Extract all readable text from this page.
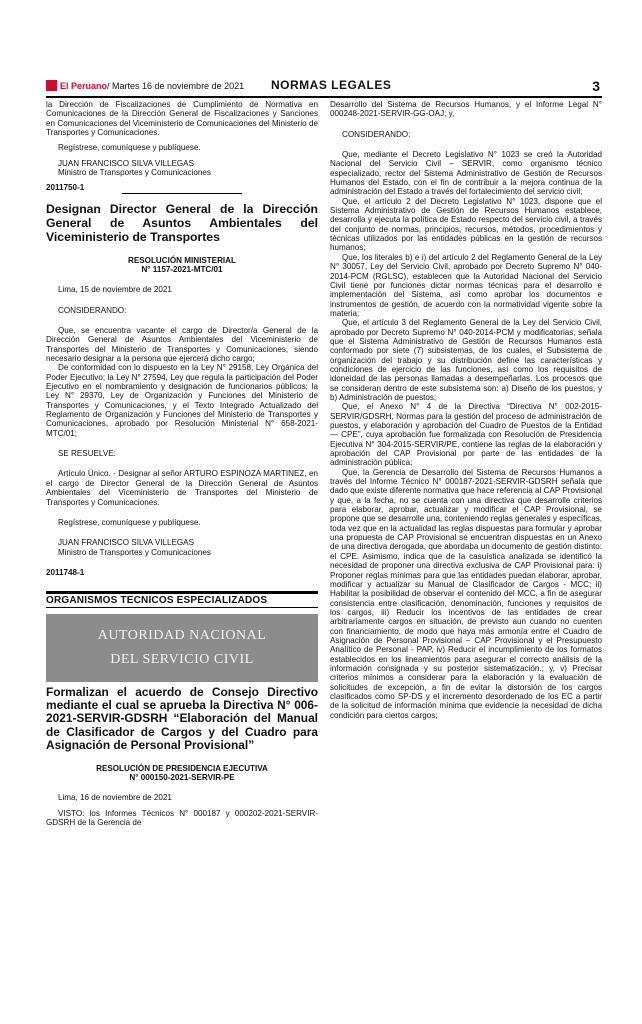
El Peruano/ Martes 16 de noviembre de 2021 NORMAS LEGALES	3

la Dirección de Fiscalizaciones de Cumplimiento de Normativa en Comunicaciones de la Dirección General de Fiscalizaciones y Sanciones en Comunicaciones del Viceministerio de Comunicaciones del Ministerio de Transportes y Comunicaciones.

Regístrese, comuníquese y publíquese.

JUAN FRANCISCO SILVA VILLEGAS

Ministro de Transportes y Comunicaciones

2011750-1

Designan Director General de la Dirección General de Asuntos Ambientales del Viceministerio de Transportes

RESOLUCIÓN MINISTERIAL

N° 1157-2021-MTC/01

Lima, 15 de noviembre de 2021

CONSIDERANDO:

Que, se encuentra vacante el cargo de Director/a General de la Dirección General de Asuntos Ambientales del Viceministerio de Transportes del Ministerio de Transportes y Comunicaciones, siendo necesario designar a la persona que ejercerá dicho cargo;

De conformidad con lo dispuesto en la Ley N° 29158, Ley Orgánica del Poder Ejecutivo; la Ley N° 27594, Ley que regula la participación del Poder Ejecutivo en el nombramiento y designación de funcionarios públicos; la Ley N° 29370, Ley de Organización y Funciones del Ministerio de Transportes y Comunicaciones, y el Texto Integrado Actualizado del Reglamento de Organización y Funciones del Ministerio de Transportes y Comunicaciones, aprobado por Resolución Ministerial N° 658-2021-MTC/01;

SE RESUELVE:

Artículo Único. - Designar al señor ARTURO ESPINOZA MARTINEZ, en el cargo de Director General de la Dirección General de Asuntos Ambientales del Viceministerio de Transportes del Ministerio de Transportes y Comunicaciones.

Regístrese, comuníquese y publíquese.

JUAN FRANCISCO SILVA VILLEGAS

Ministro de Transportes y Comunicaciones

2011748-1

ORGANISMOS TECNICOS ESPECIALIZADOS
AUTORIDAD NACIONAL
DEL SERVICIO CIVIL

Formalizan el acuerdo de Consejo Directivo mediante el cual se aprueba la Directiva N° 006-2021-SERVIR-GDSRH “Elaboración del Manual de Clasificador de Cargos y del Cuadro para Asignación de Personal Provisional”

RESOLUCIÓN DE PRESIDENCIA EJECUTIVA

N° 000150-2021-SERVIR-PE

Lima, 16 de noviembre de 2021

VISTO: los Informes Técnicos N° 000187 y 000202-2021-SERVIR-GDSRH de la Gerencia de

Desarrollo del Sistema de Recursos Humanos, y el Informe Legal N° 000248-2021-SERVIR-GG-OAJ; y,

CONSIDERANDO:

Que, mediante el Decreto Legislativo N° 1023 se creó la Autoridad Nacional del Servicio Civil – SERVIR, como organismo técnico especializado, rector del Sistema Administrativo de Gestión de Recursos Humanos del Estado, con el fin de contribuir a la mejora continua de la administración del Estado a través del fortalecimiento del servicio civil;

Que, el artículo 2 del Decreto Legislativo N° 1023, dispone que el Sistema Administrativo de Gestión de Recursos Humanos establece, desarrolla y ejecuta la política de Estado respecto del servicio civil, a través del conjunto de normas, principios, recursos, métodos, procedimientos y técnicas utilizados por las entidades públicas en la gestión de recursos humanos;

Que, los literales b) e i) del artículo 2 del Reglamento General de la Ley N° 30057, Ley del Servicio Civil, aprobado por Decreto Supremo N° 040-2014-PCM (RGLSC), establecen que la Autoridad Nacional del Servicio Civil tiene por funciones dictar normas técnicas para el desarrollo e implementación del Sistema, así como aprobar los documentos e instrumentos de gestión, de acuerdo con la normatividad vigente sobre la materia;

Que, el artículo 3 del Reglamento General de la Ley del Servicio Civil, aprobado por Decreto Supremo N° 040-2014-PCM y modificatorias, señala que el Sistema Administrativo de Gestión de Recursos Humanos está conformado por siete (7) subsistemas, de los cuales, el Subsistema de organización del trabajo y su distribución define las características y condiciones de ejercicio de las funciones, así como los requisitos de idoneidad de las personas llamadas a desempeñarlas. Los procesos que se consideran dentro de este subsistema son: a) Diseño de los puestos, y b) Administración de puestos;

Que, el Anexo N° 4 de la Directiva “Directiva N° 002-2015-SERVIR/GDSRH, Normas para la gestión del proceso de administración de puestos, y elaboración y aprobación del Cuadro de Puestos de la Entidad — CPE”, cuya aprobación fue formalizada con Resolución de Presidencia Ejecutiva N° 304-2015-SERVIR/PE, contiene las reglas de la elaboración y aprobación del CAP Provisional por parte de las entidades de la administración pública;

Que, la Gerencia de Desarrollo del Sistema de Recursos Humanos a través del Informe Técnico N° 000187-2021-SERVIR-GDSRH señala que dado que existe diferente normativa que hace referencia al CAP Provisional y que, a la fecha, no se cuenta con una directiva que desarrolle criterios para elaborar, aprobar, actualizar y modificar el CAP Provisional, se propone que se desarrolle una, conteniendo reglas generales y específicas, toda vez que en la actualidad las reglas dispuestas para formular y aprobar una propuesta de CAP Provisional se encuentran dispuestas en un Anexo de una directiva derogada, que abordaba un documento de gestión distinto: el CPE. Asimismo, indica que de la casuística analizada se identificó la necesidad de proponer una directiva exclusiva de CAP Provisional para: i) Proponer reglas mínimas para que las entidades puedan elaborar, aprobar, modificar y actualizar su Manual de Clasificador de Cargos - MCC; ii) Habilitar la posibilidad de observar el contenido del MCC, a fin de asegurar consistencia entre clasificación, denominación, funciones y requisitos de los cargos, iii) Reducir los incentivos de las entidades de crear arbitrariamente cargos en situación, de previsto aun cuando no cuenten con financiamiento, de modo que haya más armonía entre el Cuadro de Asignación de Personal Provisional – CAP Provisional y el Presupuesto Analítico de Personal - PAP, iv) Reducir el incumplimiento de los formatos establecidos en los lineamientos para asegurar el correcto análisis de la información consignada y su posterior sistematización.; y, v) Precisar criterios mínimos a considerar para la elaboración y la evaluación de solicitudes de excepción, a fin de evitar la distorsión de los cargos clasificados como SP-DS y el incremento desordenado de los EC a partir de la solicitud de información mínima que evidencie la necesidad de dicha condición para ciertos cargos;
